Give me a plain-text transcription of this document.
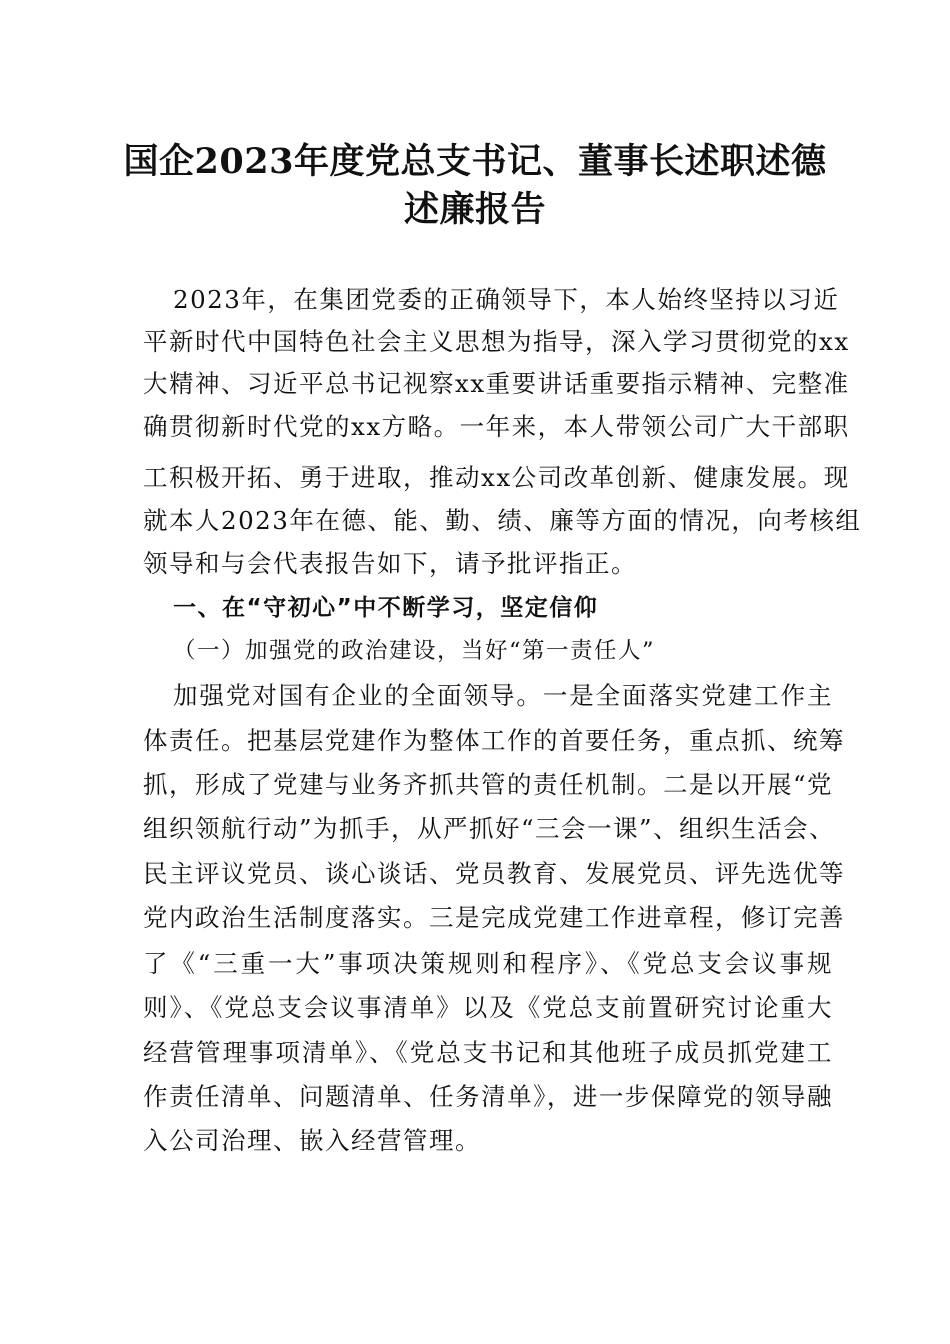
国企2023年度党总支书记、董事长述职述德
述廉报告

2023年，在集团党委的正确领导下，本人始终坚持以习近

平新时代中国特色社会主义思想为指导，深入学习贯彻党的xx

大精神、习近平总书记视察xx重要讲话重要指示精神、完整准

确贯彻新时代党的xx方略。一年来，本人带领公司广大干部职

工积极开拓、勇于进取，推动xx公司改革创新、健康发展。现

就本人2023年在德、能、勤、绩、廉等方面的情况，向考核组

领导和与会代表报告如下，请予批评指正。

一、在“守初心”中不断学习，坚定信仰

（一）加强党的政治建设，当好“第一责任人”

加强党对国有企业的全面领导。一是全面落实党建工作主

体责任。把基层党建作为整体工作的首要任务，重点抓、统筹

抓，形成了党建与业务齐抓共管的责任机制。二是以开展“党

组织领航行动”为抓手，从严抓好“三会一课”、组织生活会、

民主评议党员、谈心谈话、党员教育、发展党员、评先选优等

党内政治生活制度落实。三是完成党建工作进章程，修订完善

了《“三重一大”事项决策规则和程序》、《党总支会议事规

则》、《党总支会议事清单》以及《党总支前置研究讨论重大

经营管理事项清单》、《党总支书记和其他班子成员抓党建工

作责任清单、问题清单、任务清单》，进一步保障党的领导融

入公司治理、嵌入经营管理。
